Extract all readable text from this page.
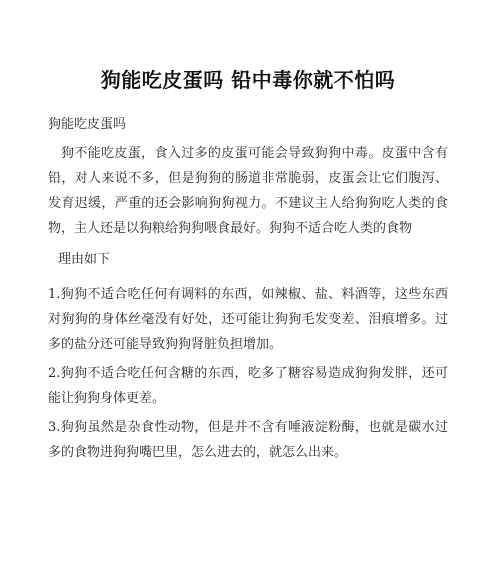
狗能吃皮蛋吗 铅中毒你就不怕吗

狗能吃皮蛋吗

狗不能吃皮蛋，食入过多的皮蛋可能会导致狗狗中毒。皮蛋中含有铅，对人来说不多，但是狗狗的肠道非常脆弱，皮蛋会让它们腹泻、发育迟缓，严重的还会影响狗狗视力。不建议主人给狗狗吃人类的食物，主人还是以狗粮给狗狗喂食最好。狗狗不适合吃人类的食物

理由如下

1.狗狗不适合吃任何有调料的东西，如辣椒、盐、料酒等，这些东西对狗狗的身体丝毫没有好处，还可能让狗狗毛发变差、泪痕增多。过多的盐分还可能导致狗狗肾脏负担增加。

2.狗狗不适合吃任何含糖的东西，吃多了糖容易造成狗狗发胖，还可能让狗狗身体更差。

3.狗狗虽然是杂食性动物，但是并不含有唾液淀粉酶，也就是碳水过多的食物进狗狗嘴巴里，怎么进去的，就怎么出来。
